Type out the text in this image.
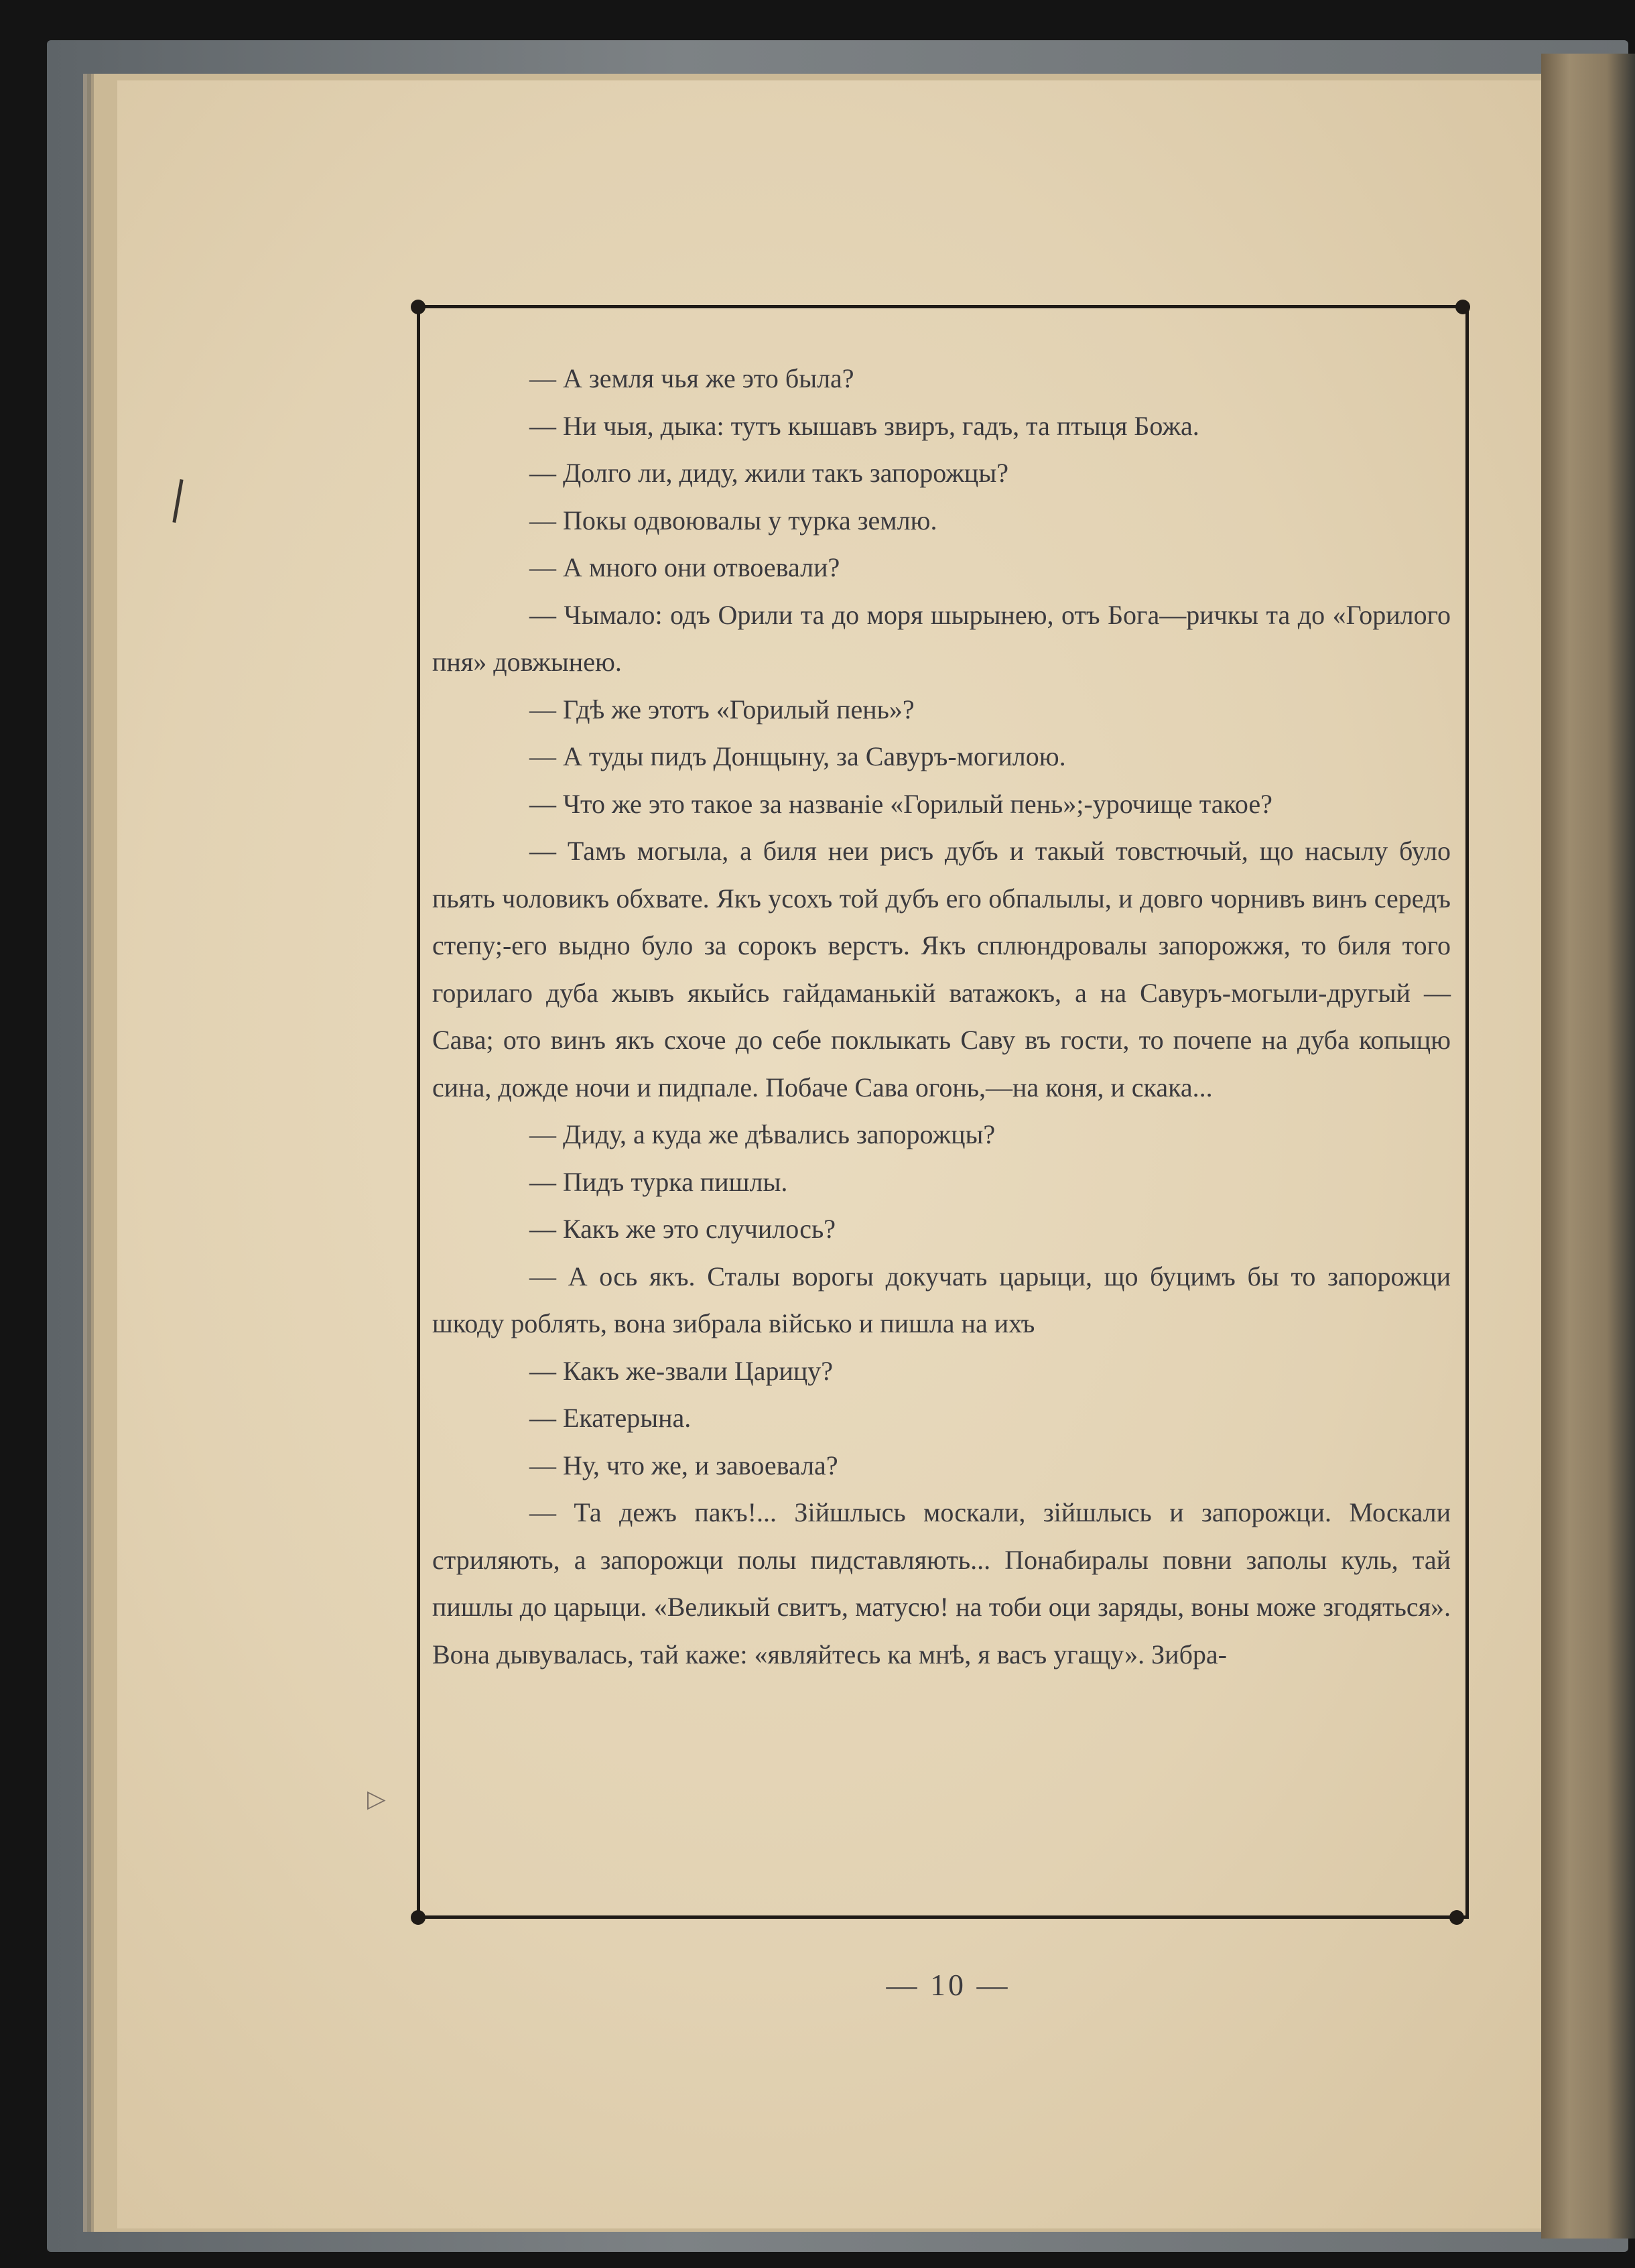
▷

— А земля чья же это была?

— Ни чыя, дыка: тутъ кышавъ звиръ, гадъ, та птыця Божа.

— Долго ли, диду, жили такъ запорожцы?

— Покы одвоювалы у турка землю.

— А много они отвоевали?

— Чымало: одъ Орили та до моря шырынею, отъ Бога—ричкы та до «Горилого пня» довжынею.

— Гдѣ же этотъ «Горилый пень»?

— А туды пидъ Донщыну, за Савуръ-могилою.

— Что же это такое за названіе «Горилый пень»;-урочище такое?

— Тамъ могыла, а биля неи рисъ дубъ и такый товстючый, що насылу було пьять чоловикъ обхвате. Якъ усохъ той дубъ его обпалылы, и довго чорнивъ винъ середъ степу;-его выдно було за сорокъ верстъ. Якъ сплюндровалы запорожжя, то биля того горилаго дуба жывъ якыйсь гайдаманькій ватажокъ, а на Савуръ-могыли-другый —Сава; ото винъ якъ схоче до себе поклыкать Саву въ гости, то почепе на дуба копыцю сина, дожде ночи и пидпале. Побаче Сава огонь,—на коня, и скака...

— Диду, а куда же дѣвались запорожцы?

— Пидъ турка пишлы.

— Какъ же это случилось?

— А ось якъ. Сталы ворогы докучать царыци, що буцимъ бы то запорожци шкоду роблять, вона зибрала військо и пишла на ихъ

— Какъ же-звали Царицу?

— Екатерына.

— Ну, что же, и завоевала?

— Та дежъ пакъ!... Зійшлысь москали, зійшлысь и запорожци. Москали стриляють, а запорожци полы пидставляють... Понабиралы повни заполы куль, тай пишлы до царыци. «Великый свитъ, матусю! на тоби оци заряды, воны може згодяться». Вона дывувалась, тай каже: «являйтесь ка мнѣ, я васъ угащу». Зибра-

— 10 —
